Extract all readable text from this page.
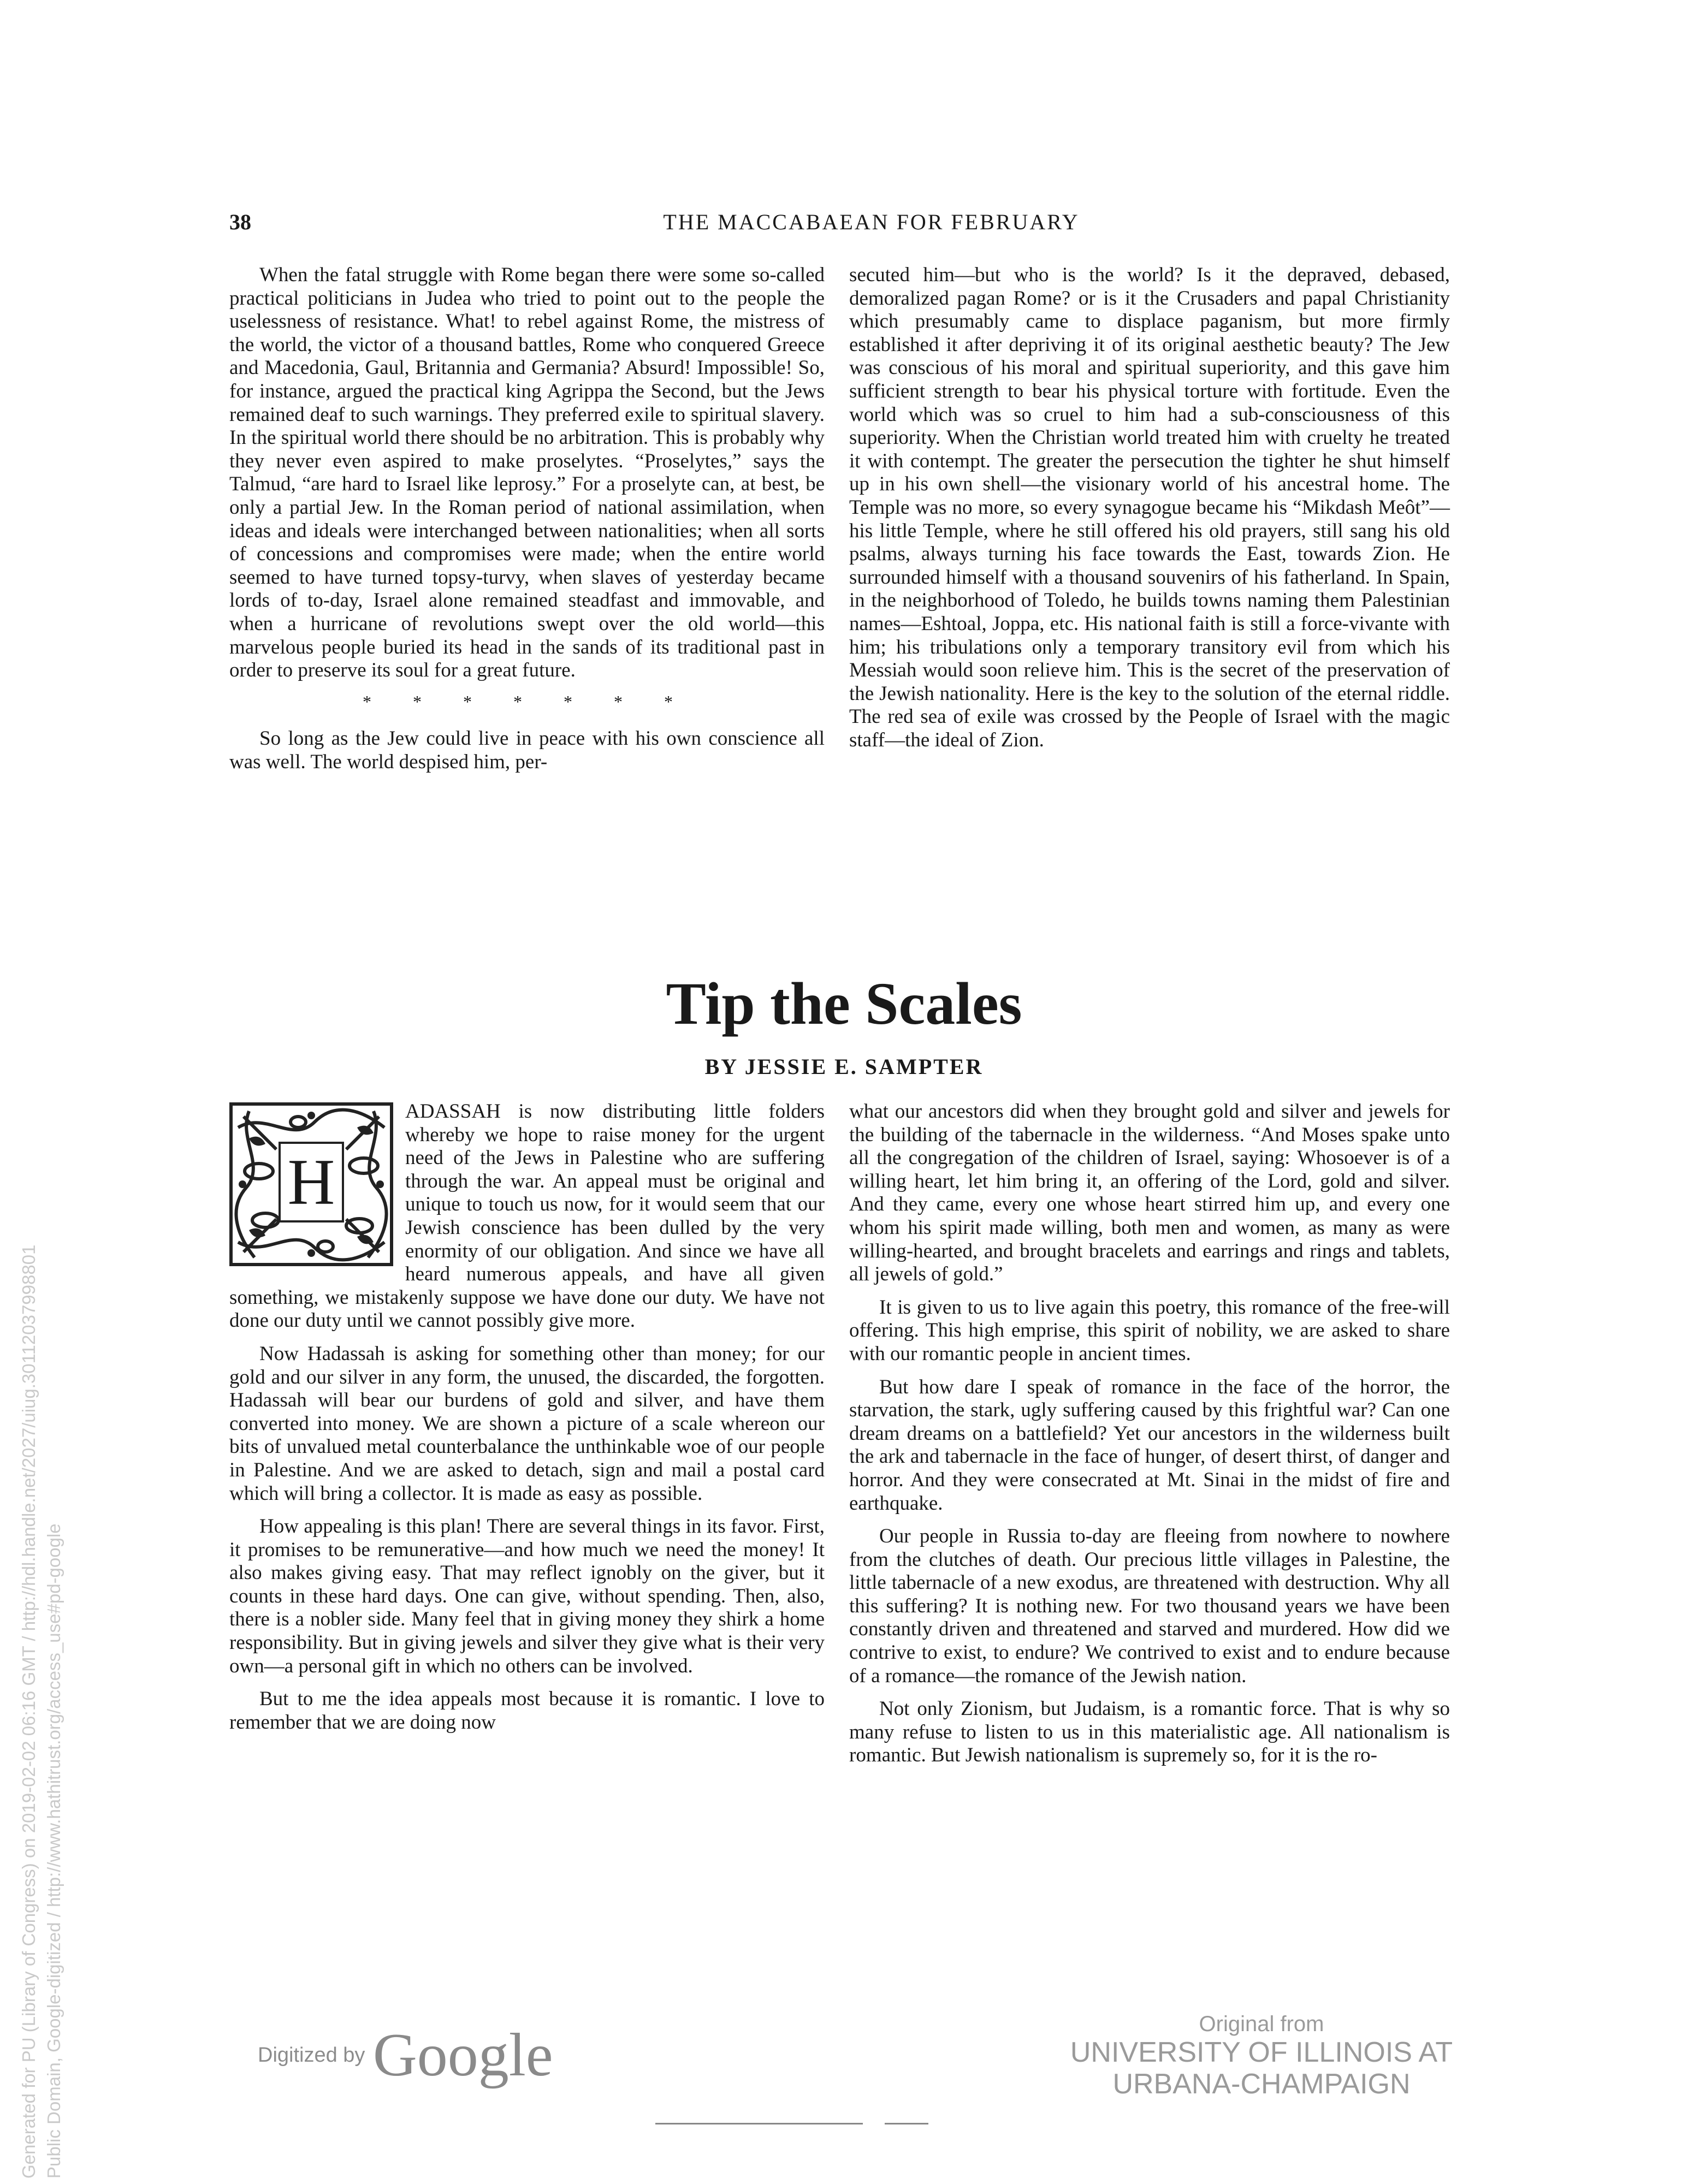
38	THE MACCABAEAN FOR FEBRUARY

When the fatal struggle with Rome began there were some so-called practical politicians in Judea who tried to point out to the people the uselessness of resistance. What! to rebel against Rome, the mistress of the world, the victor of a thousand battles, Rome who conquered Greece and Macedonia, Gaul, Britannia and Germania? Absurd! Impossible! So, for instance, argued the practical king Agrippa the Second, but the Jews remained deaf to such warnings. They preferred exile to spiritual slavery. In the spiritual world there should be no arbitration. This is probably why they never even aspired to make proselytes. “Proselytes,” says the Talmud, “are hard to Israel like leprosy.” For a proselyte can, at best, be only a partial Jew. In the Roman period of national assimilation, when ideas and ideals were interchanged between nationalities; when all sorts of concessions and compromises were made; when the entire world seemed to have turned topsy-turvy, when slaves of yesterday became lords of to-day, Israel alone remained steadfast and immovable, and when a hurricane of revolutions swept over the old world—this marvelous people buried its head in the sands of its traditional past in order to preserve its soul for a great future.

* * * * * * *

So long as the Jew could live in peace with his own conscience all was well. The world despised him, per-

secuted him—but who is the world? Is it the depraved, debased, demoralized pagan Rome? or is it the Crusaders and papal Christianity which presumably came to displace paganism, but more firmly established it after depriving it of its original aesthetic beauty? The Jew was conscious of his moral and spiritual superiority, and this gave him sufficient strength to bear his physical torture with fortitude. Even the world which was so cruel to him had a sub-consciousness of this superiority. When the Christian world treated him with cruelty he treated it with contempt. The greater the persecution the tighter he shut himself up in his own shell—the visionary world of his ancestral home. The Temple was no more, so every synagogue became his “Mikdash Meôt”—his little Temple, where he still offered his old prayers, still sang his old psalms, always turning his face towards the East, towards Zion. He surrounded himself with a thousand souvenirs of his fatherland. In Spain, in the neighborhood of Toledo, he builds towns naming them Palestinian names—Eshtoal, Joppa, etc. His national faith is still a force-vivante with him; his tribulations only a temporary transitory evil from which his Messiah would soon relieve him. This is the secret of the preservation of the Jewish nationality. Here is the key to the solution of the eternal riddle. The red sea of exile was crossed by the People of Israel with the magic staff—the ideal of Zion.

Tip the Scales
BY JESSIE E. SAMPTER
H

ADASSAH is now distributing little folders whereby we hope to raise money for the urgent need of the Jews in Palestine who are suffering through the war. An appeal must be original and unique to touch us now, for it would seem that our Jewish conscience has been dulled by the very enormity of our obligation. And since we have all heard numerous appeals, and have all given something, we mistakenly suppose we have done our duty. We have not done our duty until we cannot possibly give more.

Now Hadassah is asking for something other than money; for our gold and our silver in any form, the unused, the discarded, the forgotten. Hadassah will bear our burdens of gold and silver, and have them converted into money. We are shown a picture of a scale whereon our bits of unvalued metal counterbalance the unthinkable woe of our people in Palestine. And we are asked to detach, sign and mail a postal card which will bring a collector. It is made as easy as possible.

How appealing is this plan! There are several things in its favor. First, it promises to be remunerative—and how much we need the money! It also makes giving easy. That may reflect ignobly on the giver, but it counts in these hard days. One can give, without spending. Then, also, there is a nobler side. Many feel that in giving money they shirk a home responsibility. But in giving jewels and silver they give what is their very own—a personal gift in which no others can be involved.

But to me the idea appeals most because it is romantic. I love to remember that we are doing now

what our ancestors did when they brought gold and silver and jewels for the building of the tabernacle in the wilderness. “And Moses spake unto all the congregation of the children of Israel, saying: Whosoever is of a willing heart, let him bring it, an offering of the Lord, gold and silver. And they came, every one whose heart stirred him up, and every one whom his spirit made willing, both men and women, as many as were willing-hearted, and brought bracelets and earrings and rings and tablets, all jewels of gold.”

It is given to us to live again this poetry, this romance of the free-will offering. This high emprise, this spirit of nobility, we are asked to share with our romantic people in ancient times.

But how dare I speak of romance in the face of the horror, the starvation, the stark, ugly suffering caused by this frightful war? Can one dream dreams on a battlefield? Yet our ancestors in the wilderness built the ark and tabernacle in the face of hunger, of desert thirst, of danger and horror. And they were consecrated at Mt. Sinai in the midst of fire and earthquake.

Our people in Russia to-day are fleeing from nowhere to nowhere from the clutches of death. Our precious little villages in Palestine, the little tabernacle of a new exodus, are threatened with destruction. Why all this suffering? It is nothing new. For two thousand years we have been constantly driven and threatened and starved and murdered. How did we contrive to exist, to endure? We contrived to exist and to endure because of a romance—the romance of the Jewish nation.

Not only Zionism, but Judaism, is a romantic force. That is why so many refuse to listen to us in this materialistic age. All nationalism is romantic. But Jewish nationalism is supremely so, for it is the ro-

Digitized by Google	Original from
UNIVERSITY OF ILLINOIS AT
URBANA-CHAMPAIGN
Generated for PU (Library of Congress) on 2019-02-02 06:16 GMT / http://hdl.handle.net/2027/uiug.30112037998801 Public Domain, Google-digitized / http://www.hathitrust.org/access_use#pd-google
